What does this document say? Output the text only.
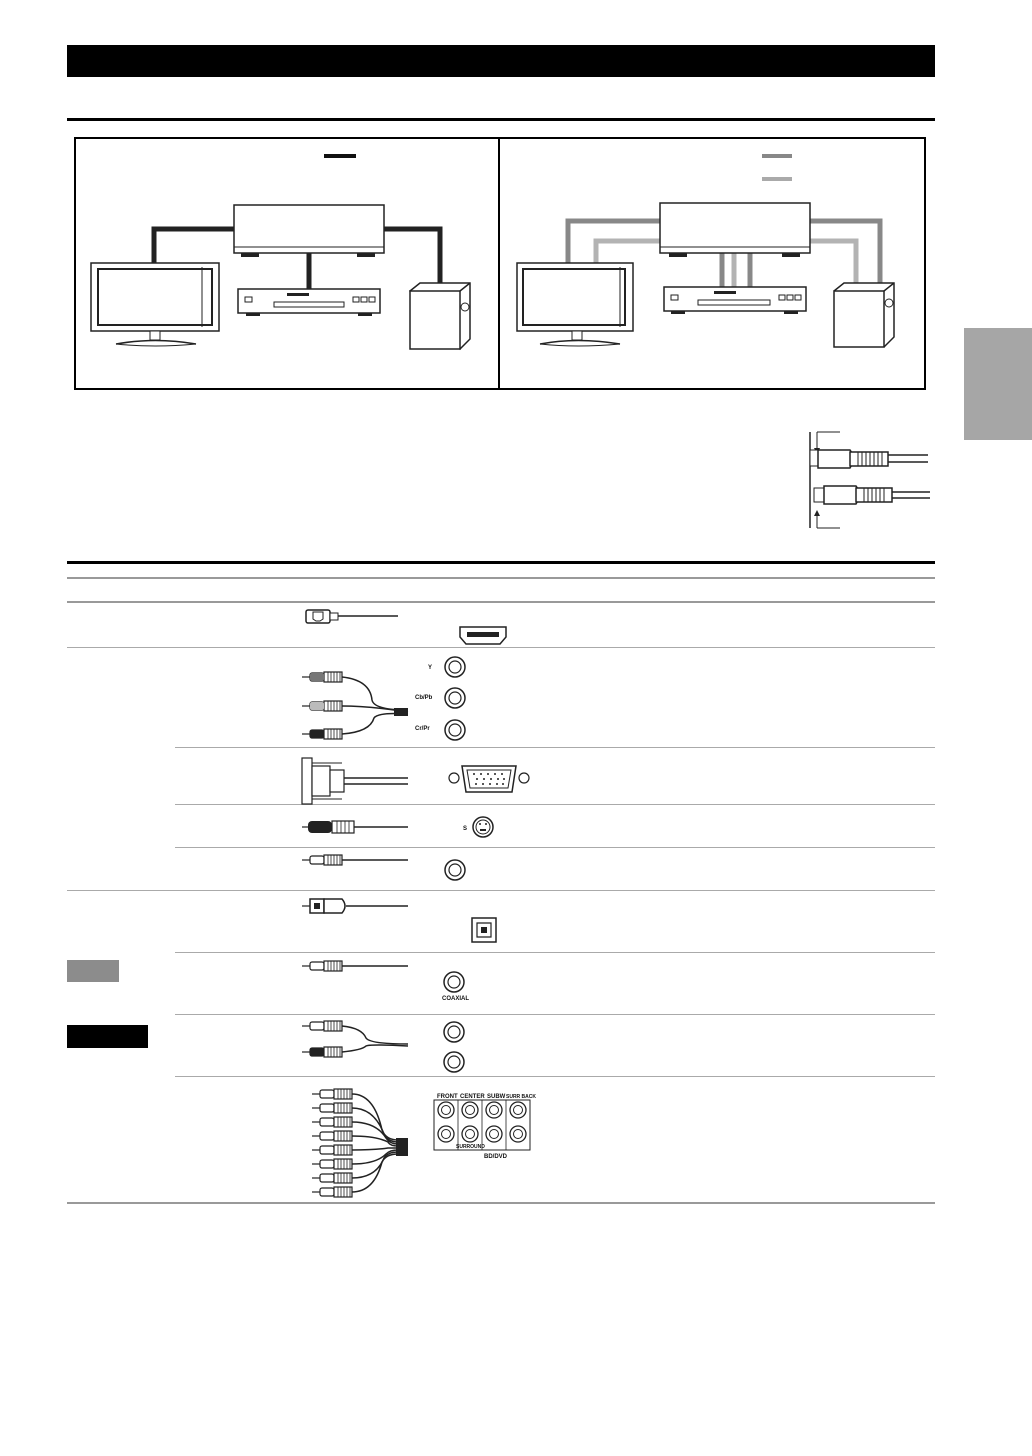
Y
Cb/Pb
Cr/Pr
S
COAXIAL
FRONT CENTER SUBW SURR BACK
SURROUND
BD/DVD
